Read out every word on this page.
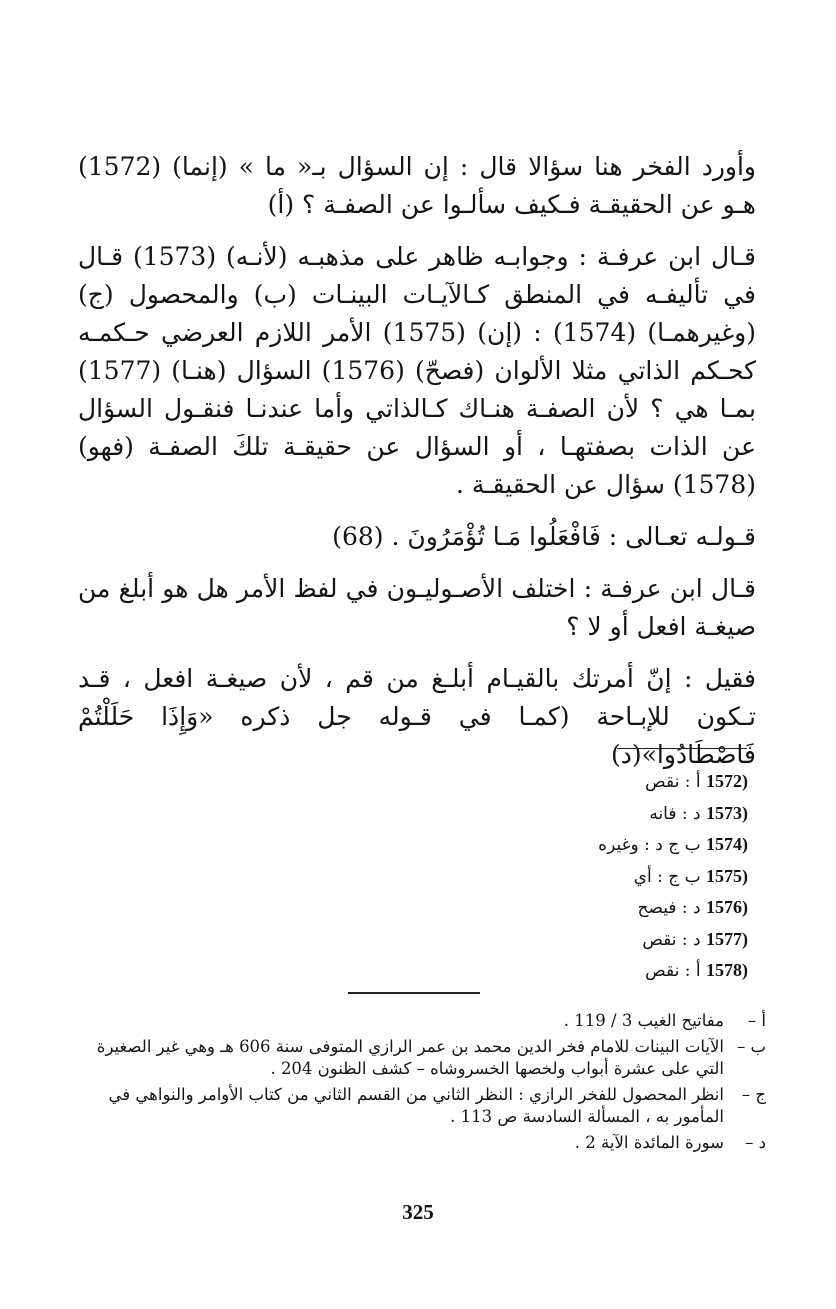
وأورد الفخر هنا سؤالا قال : إن السؤال بـ« ما » (إنما) (1572) هـو عن الحقيقـة فـكيف سألـوا عن الصفـة ؟ (أ)

قـال ابن عرفـة : وجوابـه ظاهر على مذهبـه (لأنـه) (1573) قـال في تأليفـه في المنطق كـالآيـات البينـات (ب) والمحصول (ج) (وغيرهمـا) (1574) : (إن) (1575) الأمر اللازم العرضي حـكمـه كحـكم الذاتي مثلا الألوان (فصحّ) (1576) السؤال (هنـا) (1577) بمـا هي ؟ لأن الصفـة هنـاك كـالذاتي وأما عندنـا فنقـول السؤال عن الذات بصفتهـا ، أو السؤال عن حقيقـة تلكَ الصفـة (فهو) (1578) سؤال عن الحقيقـة .

قـولـه تعـالى : فَافْعَلُوا مَـا تُؤْمَرُونَ . (68)

قـال ابن عرفـة : اختلف الأصـوليـون في لفظ الأمر هل هو أبلغ من صيغـة افعل أو لا ؟

فقيل : إنّ أمرتك بالقيـام أبلـغ من قم ، لأن صيغـة افعل ، قـد تـكون للإبـاحة (كمـا في قـوله جل ذكره «وَإِذَا حَلَلْتُمْ فَاصْطَادُوا»(د)

(1572 أ : نقص
(1573 د : فانه
(1574 ب ج د : وغيره
(1575 ب ج : أي
(1576 د : فيصح
(1577 د : نقص
(1578 أ : نقص
أ –
مفاتيح الغيب 3 / 119 .
ب –
الآيات البينات للامام فخر الدين محمد بن عمر الرازي المتوفى سنة 606 هـ وهي غير الصغيرة التي على عشرة أبواب ولخصها الخسروشاه – كشف الظنون 204 .
ج –
انظر المحصول للفخر الرازي : النظر الثاني من القسم الثاني من كتاب الأوامر والنواهي في المأمور به ، المسألة السادسة ص 113 .
د –
سورة المائدة الآية 2 .
325
